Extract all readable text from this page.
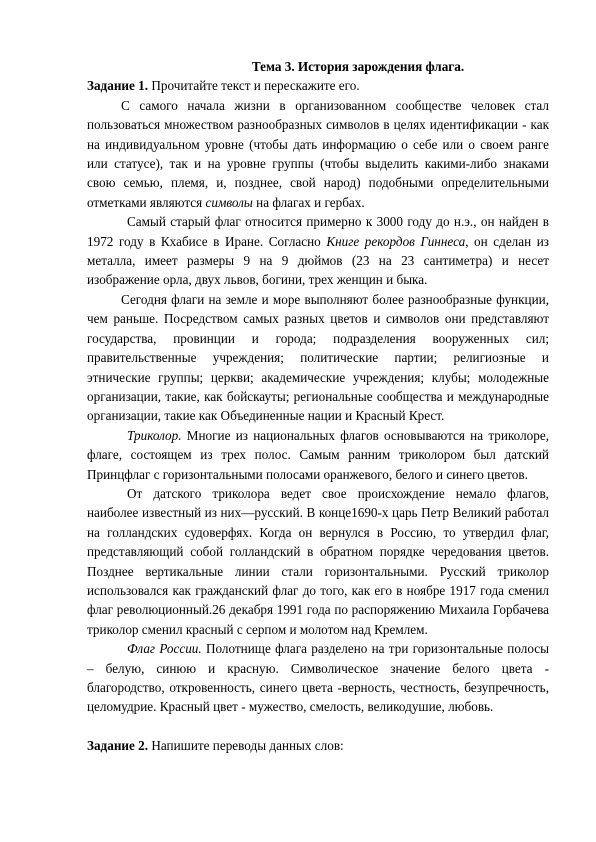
Тема 3. История зарождения флага.

Задание 1. Прочитайте текст и перескажите его.

С самого начала жизни в организованном сообществе человек стал пользоваться множеством разнообразных символов в целях идентификации - как на индивидуальном уровне (чтобы дать информацию о себе или о своем ранге или статусе), так и на уровне группы (чтобы выделить какими-либо знаками свою семью, племя, и, позднее, свой народ) подобными определительными отметками являются символы на флагах и гербах.

Самый старый флаг относится примерно к 3000 году до н.э., он найден в 1972 году в Кхабисе в Иране. Согласно Книге рекордов Гиннеса, он сделан из металла, имеет размеры 9 на 9 дюймов (23 на 23 сантиметра) и несет изображение орла, двух львов, богини, трех женщин и быка.

Сегодня флаги на земле и море выполняют более разнообразные функции, чем раньше. Посредством самых разных цветов и символов они представляют государства, провинции и города; подразделения вооруженных сил; правительственные учреждения; политические партии; религиозные и этнические группы; церкви; академические учреждения; клубы; молодежные организации, такие, как бойскауты; региональные сообщества и международные организации, такие как Объединенные нации и Красный Крест.

Триколор. Многие из национальных флагов основываются на триколоре, флаге, состоящем из трех полос. Самым ранним триколором был датский Принцфлаг с горизонтальными полосами оранжевого, белого и синего цветов.

От датского триколора ведет свое происхождение немало флагов, наиболее известный из них—русский. В конце1690-х царь Петр Великий работал на голландских судоверфях. Когда он вернулся в Россию, то утвердил флаг, представляющий собой голландский в обратном порядке чередования цветов. Позднее вертикальные линии стали горизонтальными. Русский триколор использовался как гражданский флаг до того, как его в ноябре 1917 года сменил флаг революционный.26 декабря 1991 года по распоряжению Михаила Горбачева триколор сменил красный с серпом и молотом над Кремлем.

Флаг России. Полотнище флага разделено на три горизонтальные полосы – белую, синюю и красную. Символическое значение белого цвета - благородство, откровенность, синего цвета -верность, честность, безупречность, целомудрие. Красный цвет - мужество, смелость, великодушие, любовь.

Задание 2. Напишите переводы данных слов:
